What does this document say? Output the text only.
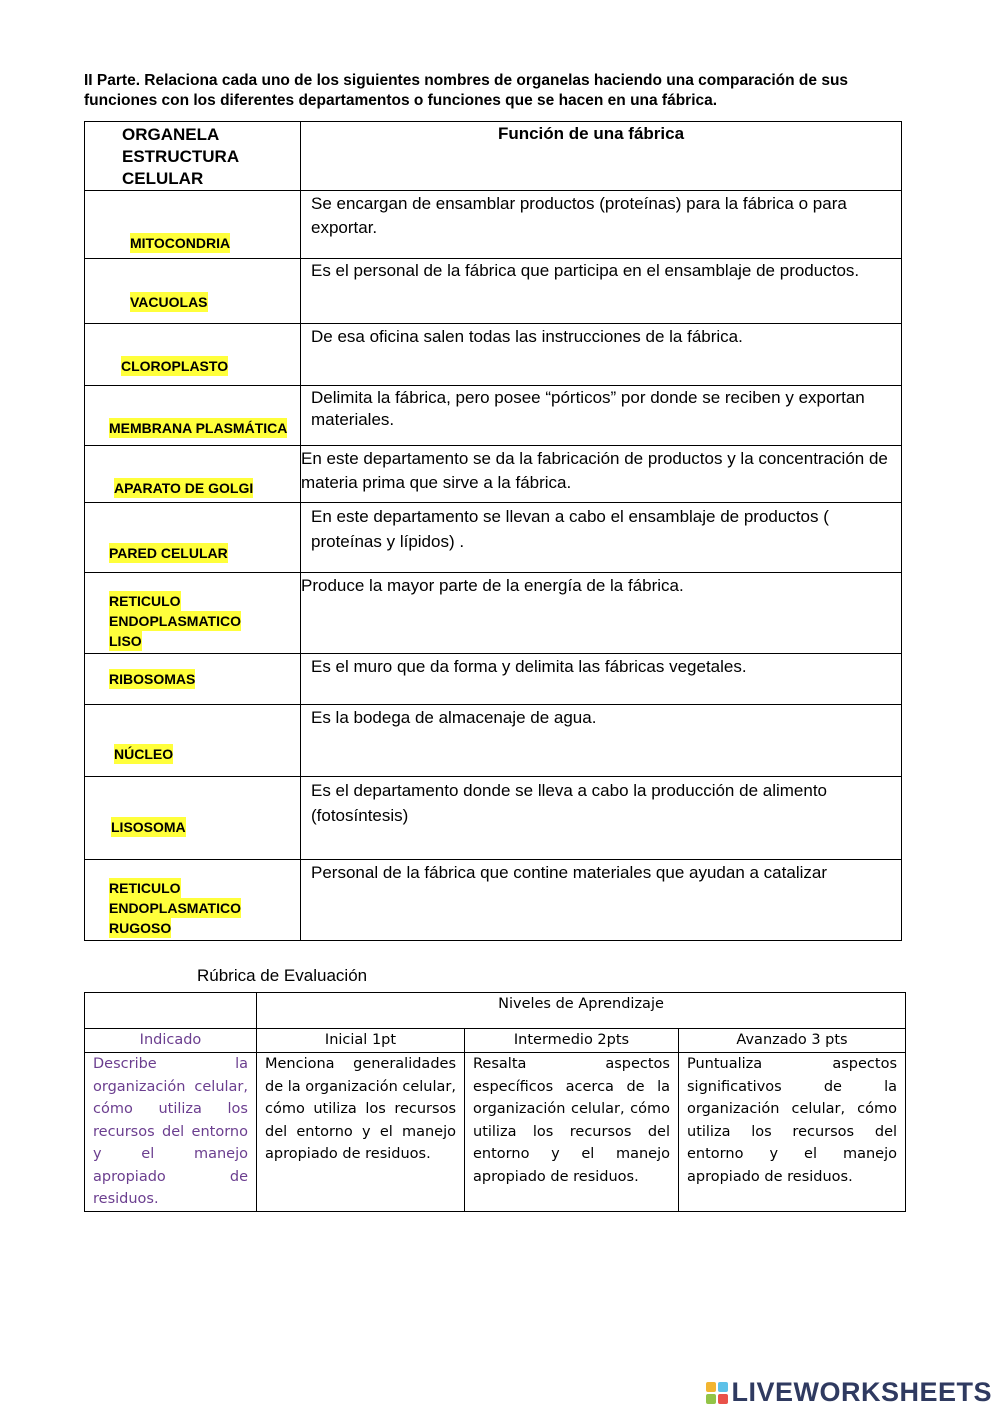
II Parte. Relaciona cada uno de los siguientes nombres de organelas haciendo una comparación de sus funciones con los diferentes departamentos o funciones que se hacen en una fábrica.
ORGANELA
ESTRUCTURA
CELULAR	Función de una fábrica

MITOCONDRIA	Se encargan de ensamblar productos (proteínas) para la fábrica o para exportar.

VACUOLAS	Es el personal de la fábrica que participa en el ensamblaje de productos.

CLOROPLASTO	De esa oficina salen todas las instrucciones de la fábrica.

MEMBRANA PLASMÁTICA	Delimita la fábrica, pero posee “pórticos” por donde se reciben y exportan materiales.

APARATO DE GOLGI	En este departamento se da la fabricación de productos y la concentración de materia prima que sirve a la fábrica.

PARED CELULAR	En este departamento se llevan a cabo el ensamblaje de productos ( proteínas y lípidos) .

RETICULO
ENDOPLASMATICO
LISO	Produce la mayor parte de la energía de la fábrica.

RIBOSOMAS	Es el muro que da forma y delimita las fábricas vegetales.

NÚCLEO	Es la bodega de almacenaje de agua.

LISOSOMA	Es el departamento donde se lleva a cabo la producción de alimento (fotosíntesis)

RETICULO
ENDOPLASMATICO
RUGOSO	Personal de la fábrica que contine materiales que ayudan a catalizar
Rúbrica de Evaluación
	Niveles de Aprendizaje		
Indicado	Inicial 1pt	Intermedio 2pts	Avanzado 3 pts
Describe la organización celular, cómo utiliza los recursos del entorno y el manejo apropiado de residuos.	Menciona generalidades de la organización celular, cómo utiliza los recursos del entorno y el manejo apropiado de residuos.	Resalta aspectos específicos acerca de la organización celular, cómo utiliza los recursos del entorno y el manejo apropiado de residuos.	Puntualiza aspectos significativos de la organización celular, cómo utiliza los recursos del entorno y el manejo apropiado de residuos.
LIVEWORKSHEETS
